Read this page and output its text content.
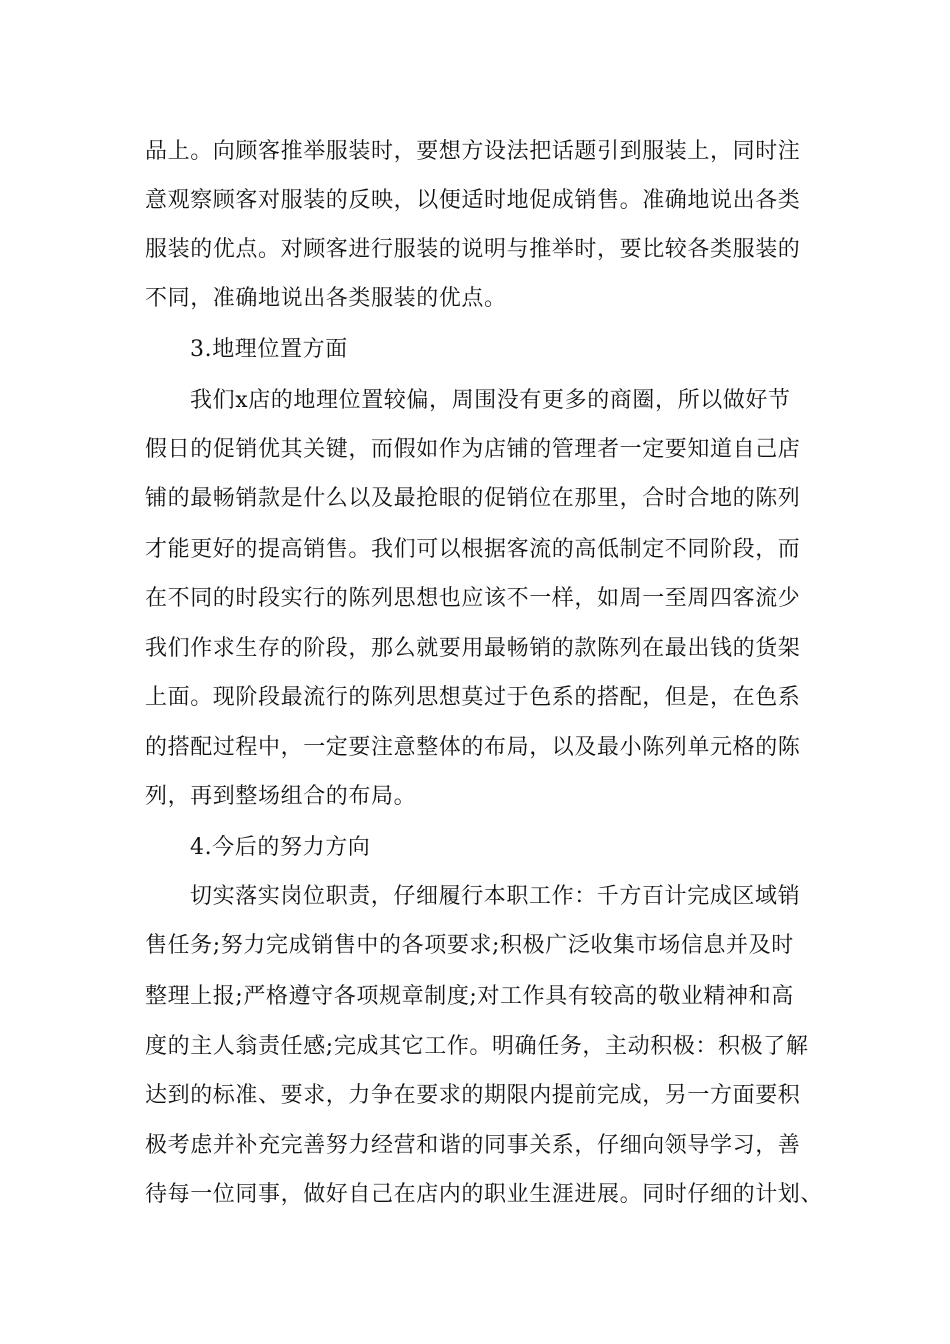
品上。向顾客推举服装时，要想方设法把话题引到服装上，同时注
意观察顾客对服装的反映，以便适时地促成销售。准确地说出各类
服装的优点。对顾客进行服装的说明与推举时，要比较各类服装的
不同，准确地说出各类服装的优点。
3.地理位置方面
我们x店的地理位置较偏，周围没有更多的商圈，所以做好节
假日的促销优其关键，而假如作为店铺的管理者一定要知道自己店
铺的最畅销款是什么以及最抢眼的促销位在那里，合时合地的陈列
才能更好的提高销售。我们可以根据客流的高低制定不同阶段，而
在不同的时段实行的陈列思想也应该不一样，如周一至周四客流少
我们作求生存的阶段，那么就要用最畅销的款陈列在最出钱的货架
上面。现阶段最流行的陈列思想莫过于色系的搭配，但是，在色系
的搭配过程中，一定要注意整体的布局，以及最小陈列单元格的陈
列，再到整场组合的布局。
4.今后的努力方向
切实落实岗位职责，仔细履行本职工作：千方百计完成区域销
售任务;努力完成销售中的各项要求;积极广泛收集市场信息并及时
整理上报;严格遵守各项规章制度;对工作具有较高的敬业精神和高
度的主人翁责任感;完成其它工作。明确任务，主动积极：积极了解
达到的标准、要求，力争在要求的期限内提前完成，另一方面要积
极考虑并补充完善努力经营和谐的同事关系，仔细向领导学习，善
待每一位同事，做好自己在店内的职业生涯进展。同时仔细的计划、
